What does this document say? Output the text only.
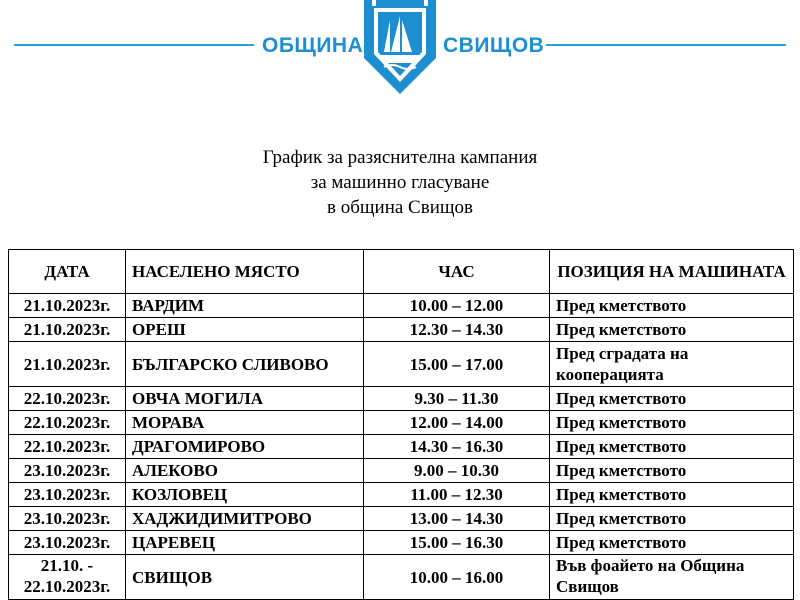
ОБЩИНА	СВИЩОВ
График за разяснителна кампания
за машинно гласуване
в община Свищов
ДАТА	НАСЕЛЕНО МЯСТО	ЧАС	ПОЗИЦИЯ НА МАШИНАТА
21.10.2023г.	ВАРДИМ	10.00 – 12.00	Пред кметството
21.10.2023г.	ОРЕШ	12.30 – 14.30	Пред кметството
21.10.2023г.	БЪЛГАРСКО СЛИВОВО	15.00 – 17.00	Пред сградата на кооперацията
22.10.2023г.	ОВЧА МОГИЛА	9.30 – 11.30	Пред кметството
22.10.2023г.	МОРАВА	12.00 – 14.00	Пред кметството
22.10.2023г.	ДРАГОМИРОВО	14.30 – 16.30	Пред кметството
23.10.2023г.	АЛЕКОВО	9.00 – 10.30	Пред кметството
23.10.2023г.	КОЗЛОВЕЦ	11.00 – 12.30	Пред кметството
23.10.2023г.	ХАДЖИДИМИТРОВО	13.00 – 14.30	Пред кметството
23.10.2023г.	ЦАРЕВЕЦ	15.00 – 16.30	Пред кметството
21.10. - 22.10.2023г.	СВИЩОВ	10.00 – 16.00	Във фоайето на Община Свищов
